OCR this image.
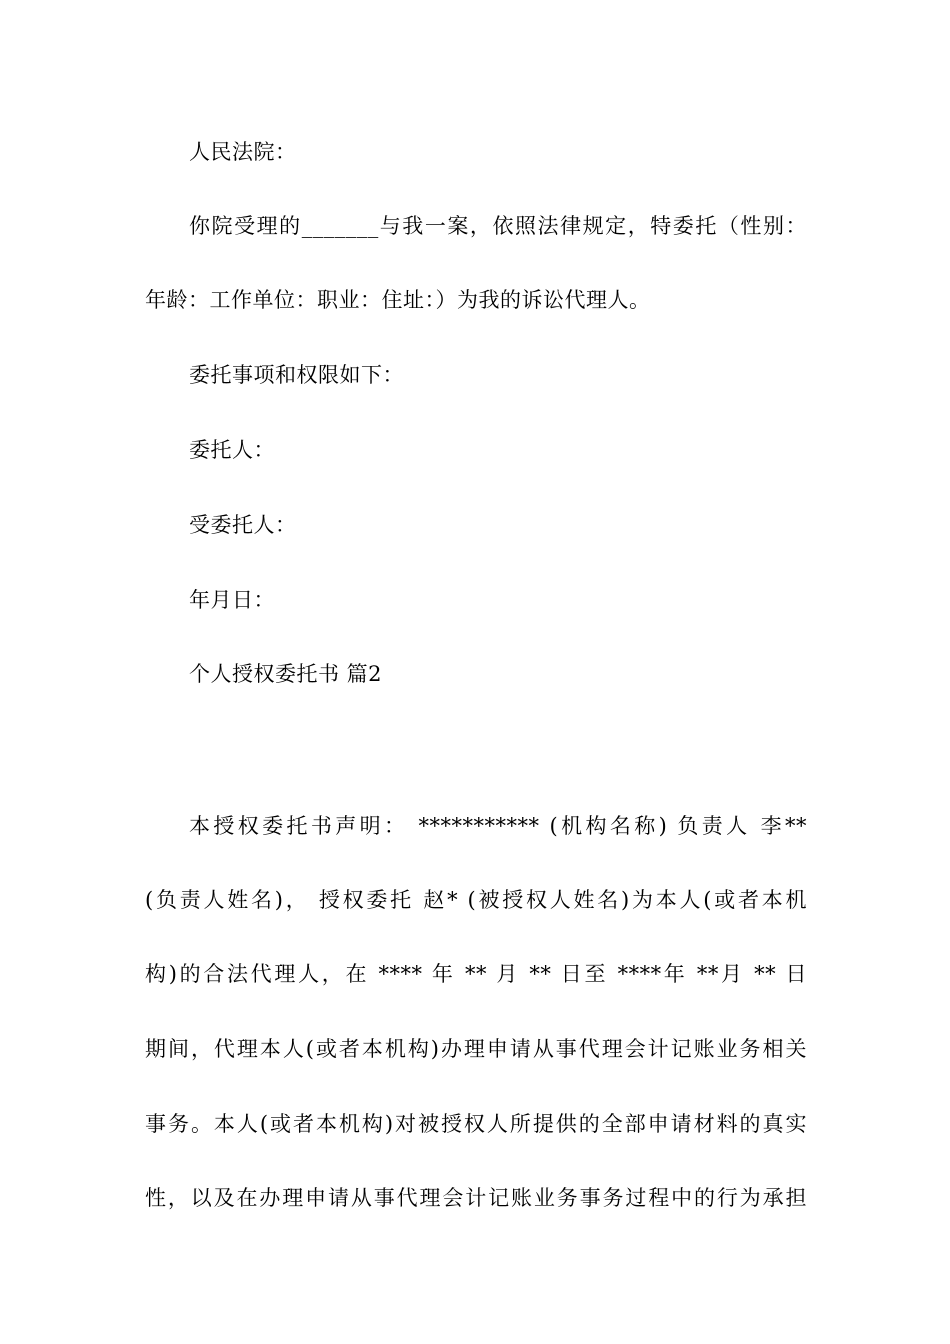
人民法院：
你院受理的_______与我一案，依照法律规定，特委托（性别：
年龄：工作单位：职业：住址：）为我的诉讼代理人。
委托事项和权限如下：
委托人：
受委托人：
年月日：
个人授权委托书 篇2
本授权委托书声明： *********** (机构名称) 负责人 李**
(负责人姓名)， 授权委托 赵* (被授权人姓名)为本人(或者本机
构)的合法代理人，在 **** 年 ** 月 ** 日至 ****年 **月 ** 日
期间，代理本人(或者本机构)办理申请从事代理会计记账业务相关
事务。本人(或者本机构)对被授权人所提供的全部申请材料的真实
性，以及在办理申请从事代理会计记账业务事务过程中的行为承担
